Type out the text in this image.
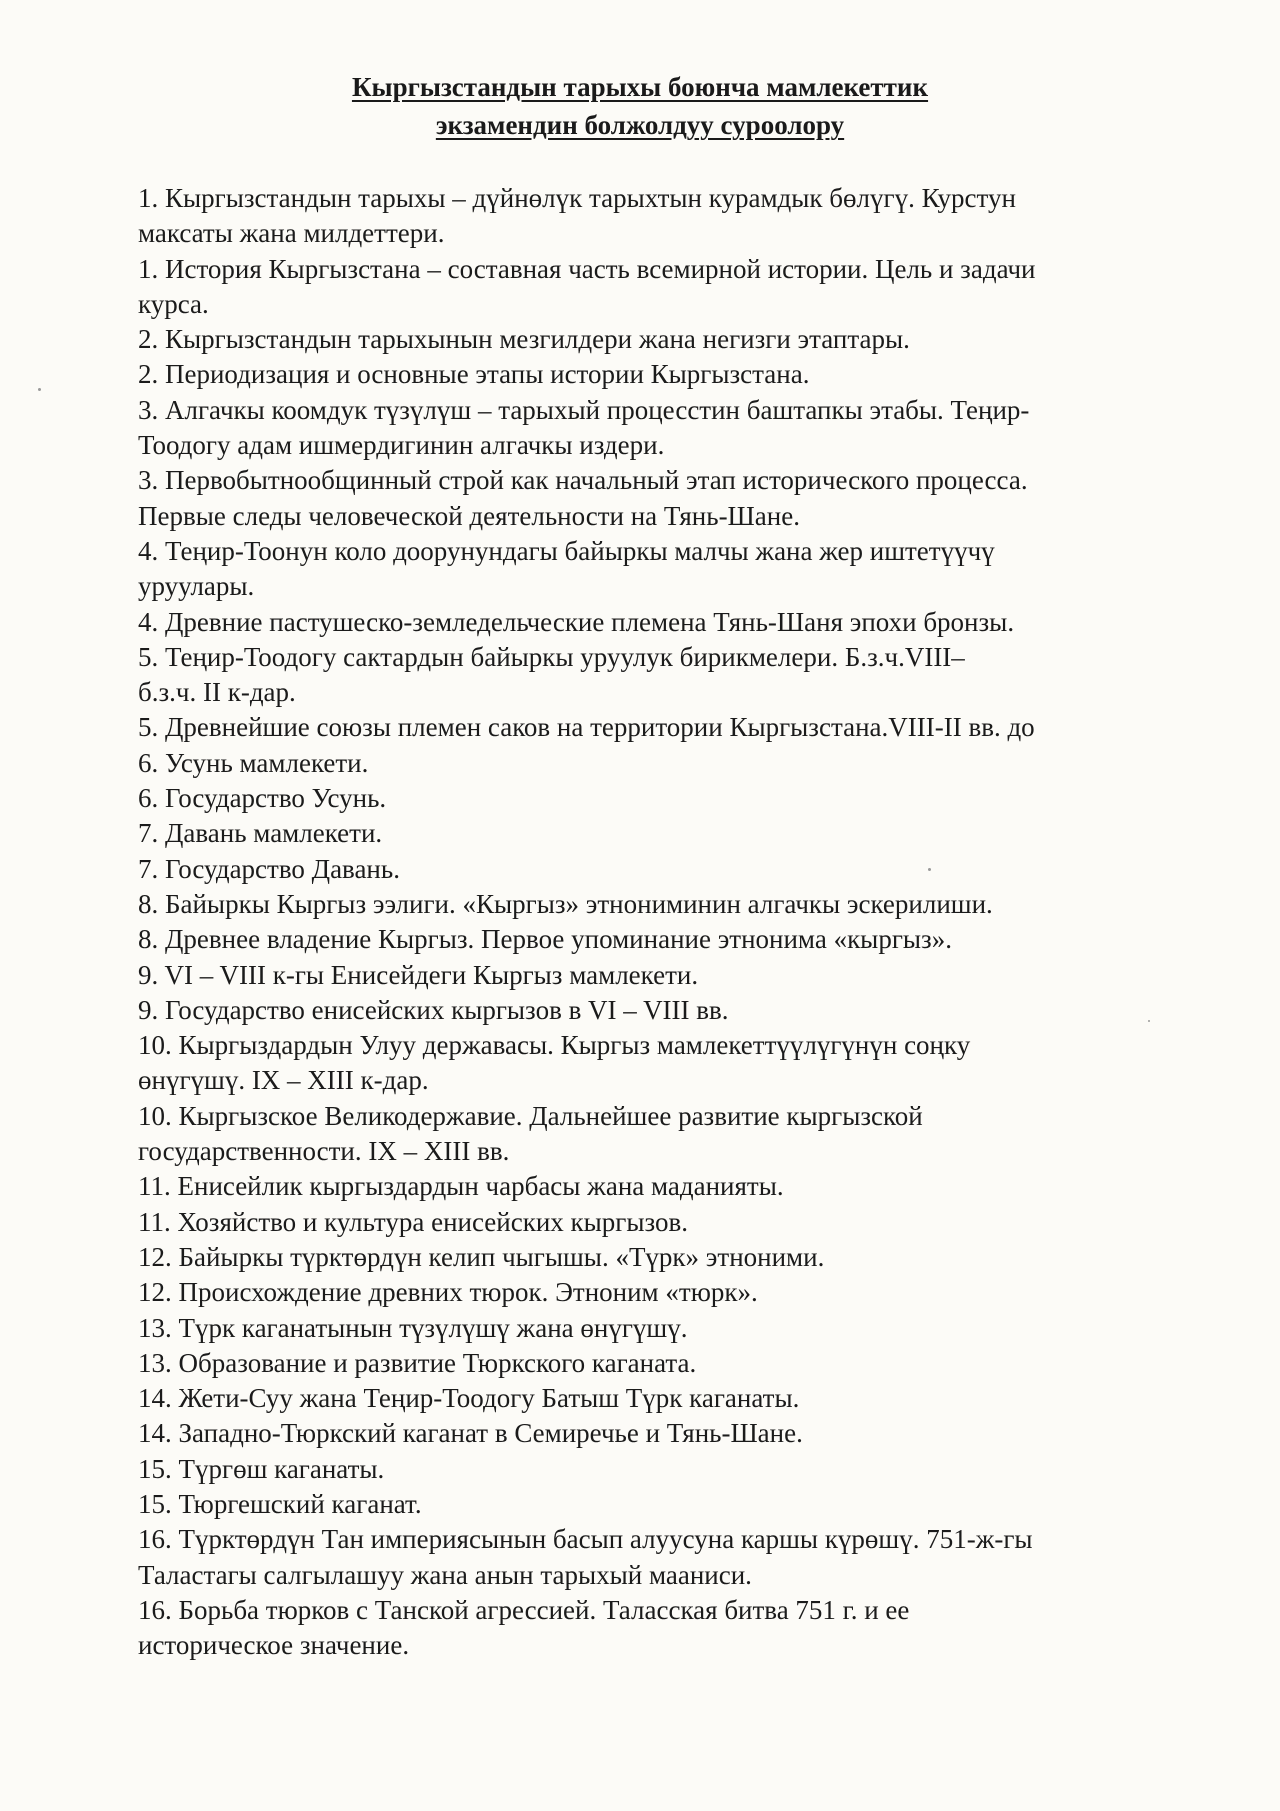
Кыргызстандын тарыхы боюнча мамлекеттик
экзамендин болжолдуу суроолору

1. Кыргызстандын тарыхы – дүйнөлүк тарыхтын курамдык бөлүгү. Курстун

максаты жана милдеттери.

1. История Кыргызстана – составная часть всемирной истории. Цель и задачи

курса.

2. Кыргызстандын тарыхынын мезгилдери жана негизги этаптары.

2. Периодизация и основные этапы истории Кыргызстана.

3. Алгачкы коомдук түзүлүш – тарыхый процесстин баштапкы этабы. Теңир-

Тоодогу адам ишмердигинин алгачкы издери.

3. Первобытнообщинный строй как начальный этап исторического процесса.

Первые следы человеческой деятельности на Тянь-Шане.

4. Теңир-Тоонун коло доорунундагы байыркы малчы жана жер иштетүүчү

уруулары.

4. Древние пастушеско-земледельческие племена Тянь-Шаня эпохи бронзы.

5. Теңир-Тоодогу сактардын байыркы уруулук бирикмелери. Б.з.ч.VIII–

б.з.ч. II к-дар.

5. Древнейшие союзы племен саков на территории Кыргызстана.VIII-II вв. до

6. Усунь мамлекети.

6. Государство Усунь.

7. Давань мамлекети.

7. Государство Давань.

8. Байыркы Кыргыз ээлиги. «Кыргыз» этнониминин алгачкы эскерилиши.

8. Древнее владение Кыргыз. Первое упоминание этнонима «кыргыз».

9. VI – VIII к-гы Енисейдеги Кыргыз мамлекети.

9. Государство енисейских кыргызов в VI – VIII вв.

10. Кыргыздардын Улуу державасы. Кыргыз мамлекеттүүлүгүнүн соңку

өнүгүшү. IX – XIII к-дар.

10. Кыргызское Великодержавие. Дальнейшее развитие кыргызской

государственности. IX – XIII вв.

11. Енисейлик кыргыздардын чарбасы жана маданияты.

11. Хозяйство и культура енисейских кыргызов.

12. Байыркы түрктөрдүн келип чыгышы. «Түрк» этноними.

12. Происхождение древних тюрок. Этноним «тюрк».

13. Түрк каганатынын түзүлүшү жана өнүгүшү.

13. Образование и развитие Тюркского каганата.

14. Жети-Суу жана Теңир-Тоодогу Батыш Түрк каганаты.

14. Западно-Тюркский каганат в Семиречье и Тянь-Шане.

15. Түргөш каганаты.

15. Тюргешский каганат.

16. Түрктөрдүн Тан империясынын басып алуусуна каршы күрөшү. 751-ж-гы

Таластагы салгылашуу жана анын тарыхый мааниси.

16. Борьба тюрков с Танской агрессией. Таласская битва 751 г. и ее

историческое значение.
